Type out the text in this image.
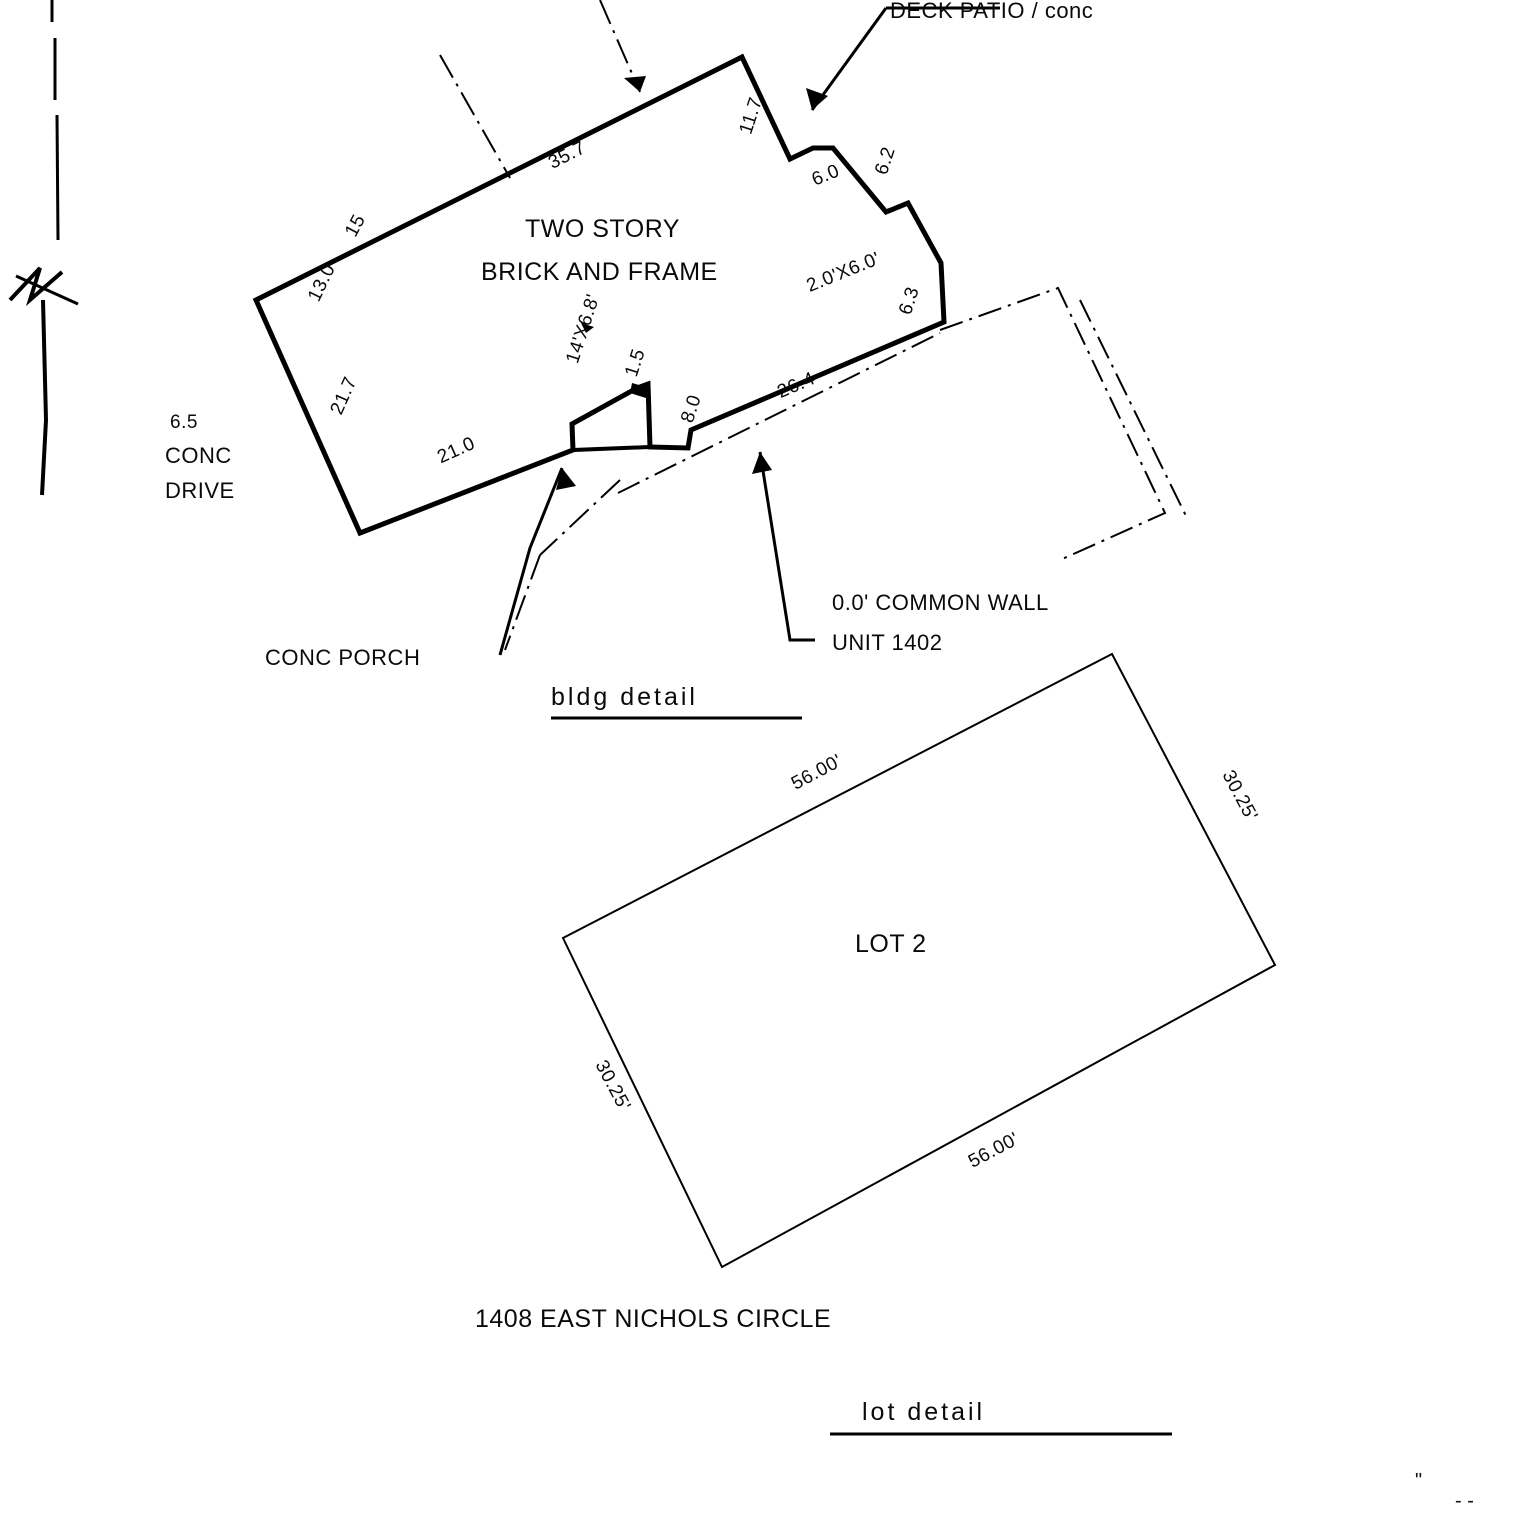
TWO STORY
BRICK AND FRAME
35.7
15
13.0
21.7
21.0
14'X6.8' 1.5
8.0
26.4
11.7
6.0 6.2
2.0'X6.0'
6.3
DECK PATIO / conc
CONC PORCH
0.0' COMMON WALL
UNIT 1402
6.5
CONC
DRIVE
bldg detail
LOT 2
56.00'	30.25'
56.00'
30.25'
1408 EAST NICHOLS CIRCLE
lot detail
"
- -
